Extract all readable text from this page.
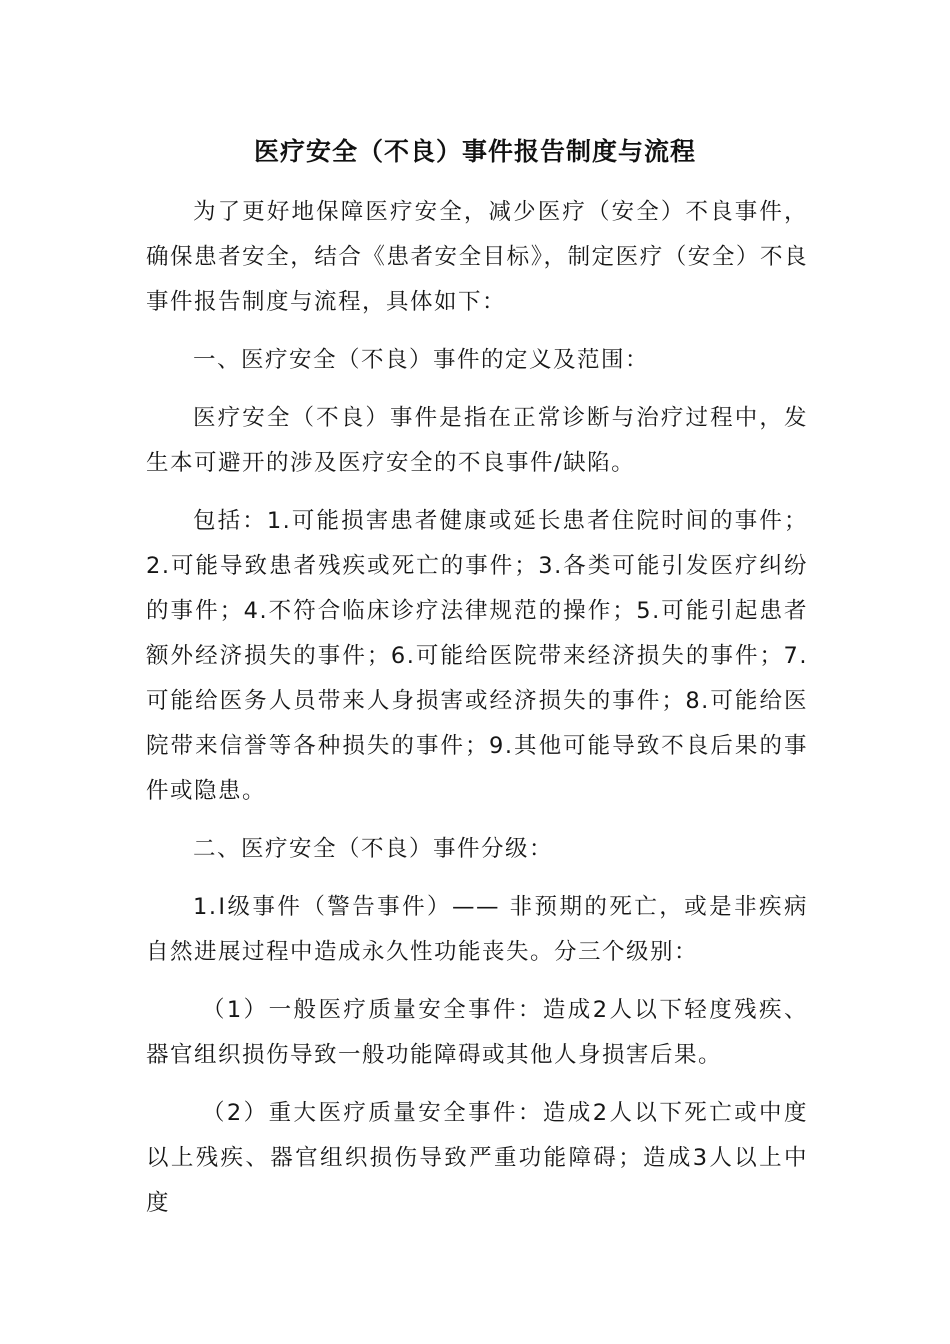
医疗安全（不良）事件报告制度与流程

为了更好地保障医疗安全，减少医疗（安全）不良事件，确保患者安全，结合《患者安全目标》，制定医疗（安全）不良事件报告制度与流程，具体如下：

一、医疗安全（不良）事件的定义及范围：

医疗安全（不良）事件是指在正常诊断与治疗过程中，发生本可避开的涉及医疗安全的不良事件/缺陷。

包括：1.可能损害患者健康或延长患者住院时间的事件；2.可能导致患者残疾或死亡的事件；3.各类可能引发医疗纠纷的事件；4.不符合临床诊疗法律规范的操作；5.可能引起患者额外经济损失的事件；6.可能给医院带来经济损失的事件；7.可能给医务人员带来人身损害或经济损失的事件；8.可能给医院带来信誉等各种损失的事件；9.其他可能导致不良后果的事件或隐患。

二、医疗安全（不良）事件分级：

1.Ⅰ级事件（警告事件）—— 非预期的死亡，或是非疾病自然进展过程中造成永久性功能丧失。分三个级别：

（1）一般医疗质量安全事件：造成2人以下轻度残疾、器官组织损伤导致一般功能障碍或其他人身损害后果。

（2）重大医疗质量安全事件：造成2人以下死亡或中度以上残疾、器官组织损伤导致严重功能障碍；造成3人以上中度
